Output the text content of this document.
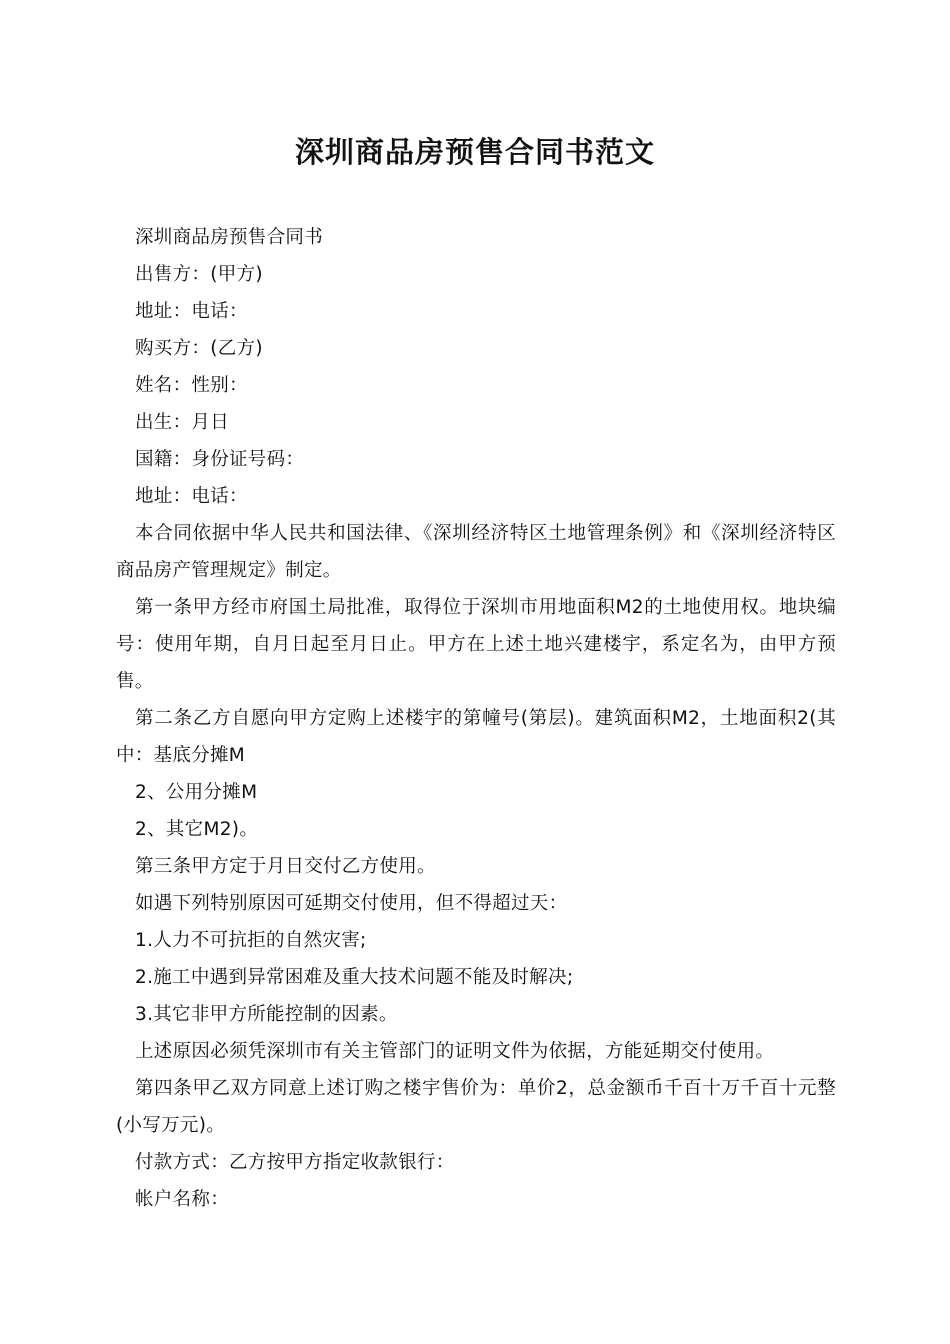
深圳商品房预售合同书范文

深圳商品房预售合同书

出售方：(甲方)

地址：电话：

购买方：(乙方)

姓名：性别：

出生：月日

国籍：身份证号码：

地址：电话：

本合同依据中华人民共和国法律、《深圳经济特区土地管理条例》和《深圳经济特区商品房产管理规定》制定。

第一条甲方经市府国土局批准，取得位于深圳市用地面积M2的土地使用权。地块编号：使用年期，自月日起至月日止。甲方在上述土地兴建楼宇，系定名为，由甲方预售。

第二条乙方自愿向甲方定购上述楼宇的第幢号(第层)。建筑面积M2，土地面积2(其中：基底分摊M

2、公用分摊M

2、其它M2)。

第三条甲方定于月日交付乙方使用。

如遇下列特别原因可延期交付使用，但不得超过天：

1.人力不可抗拒的自然灾害;

2.施工中遇到异常困难及重大技术问题不能及时解决;

3.其它非甲方所能控制的因素。

上述原因必须凭深圳市有关主管部门的证明文件为依据，方能延期交付使用。

第四条甲乙双方同意上述订购之楼宇售价为：单价2，总金额币千百十万千百十元整(小写万元)。

付款方式：乙方按甲方指定收款银行：

帐户名称：
